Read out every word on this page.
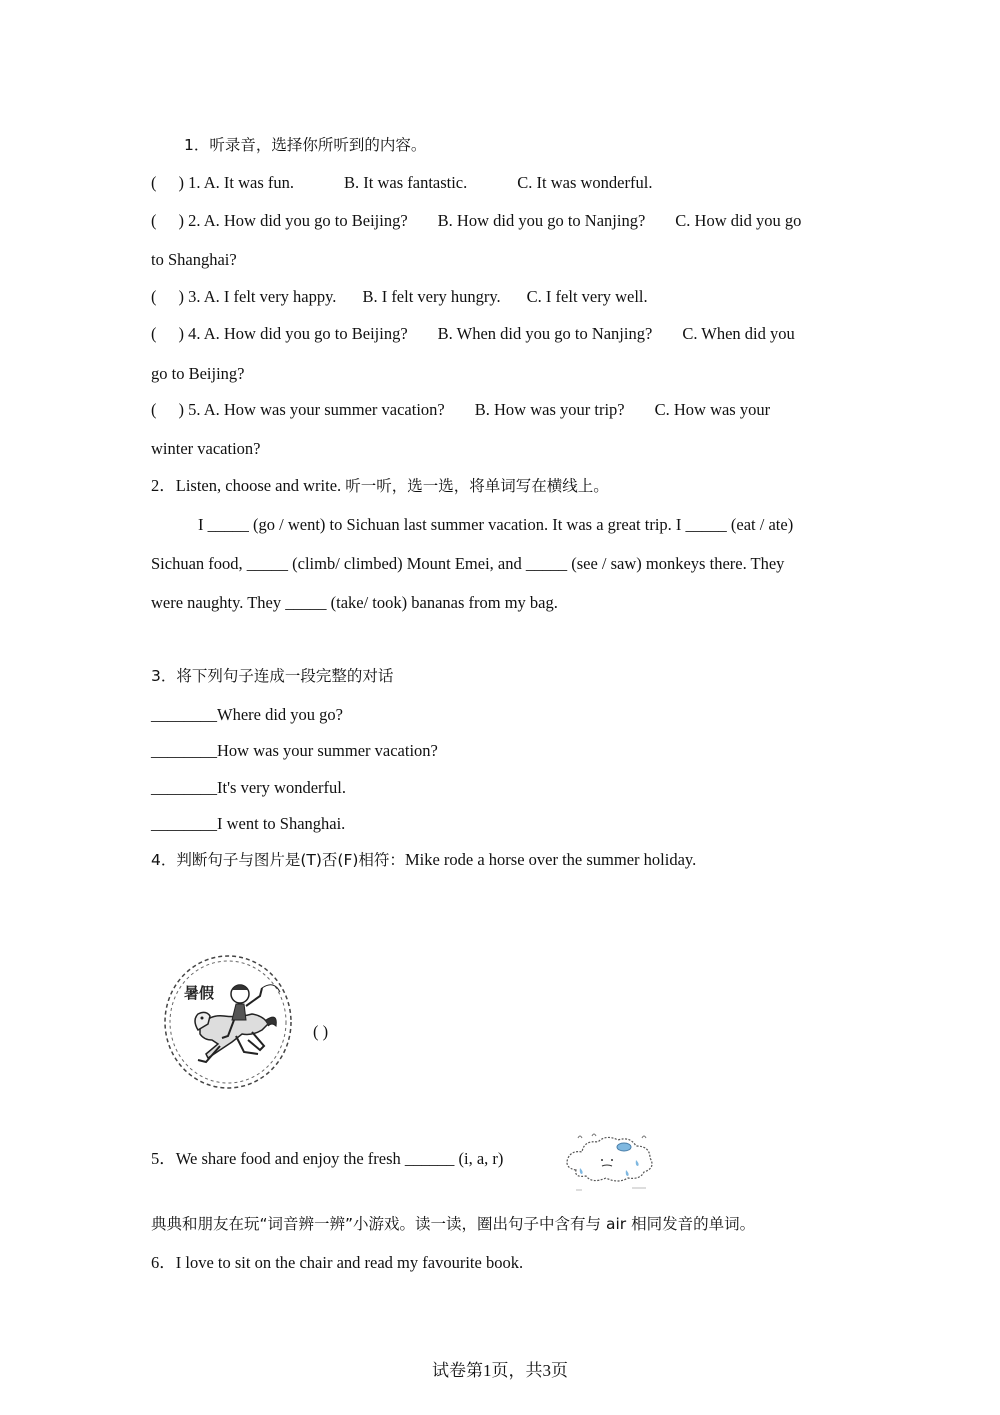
1．听录音，选择你所听到的内容。
( ) 1. A. It was fun.	B. It was fantastic.	C. It was wonderful.
( ) 2. A. How did you go to Beijing? B. How did you go to Nanjing? C. How did you go
to Shanghai?
( ) 3. A. I felt very happy. B. I felt very hungry. C. I felt very well.
( ) 4. A. How did you go to Beijing? B. When did you go to Nanjing? C. When did you
go to Beijing?
( ) 5. A. How was your summer vacation? B. How was your trip? C. How was your
winter vacation?
2．Listen, choose and write. 听一听，选一选，将单词写在横线上。
I _____ (go / went) to Sichuan last summer vacation. It was a great trip. I _____ (eat / ate)
Sichuan food, _____ (climb/ climbed) Mount Emei, and _____ (see / saw) monkeys there. They
were naughty. They _____ (take/ took) bananas from my bag.
3．将下列句子连成一段完整的对话
________Where did you go?
________How was your summer vacation?
________It's very wonderful.
________I went to Shanghai.
4．判断句子与图片是(T)否(F)相符：Mike rode a horse over the summer holiday.
暑假
( )
5．We share food and enjoy the fresh ______ (i, a, r)
典典和朋友在玩“词音辨一辨”小游戏。读一读，圈出句子中含有与 air 相同发音的单词。
6．I love to sit on the chair and read my favourite book.
试卷第1页，共3页
